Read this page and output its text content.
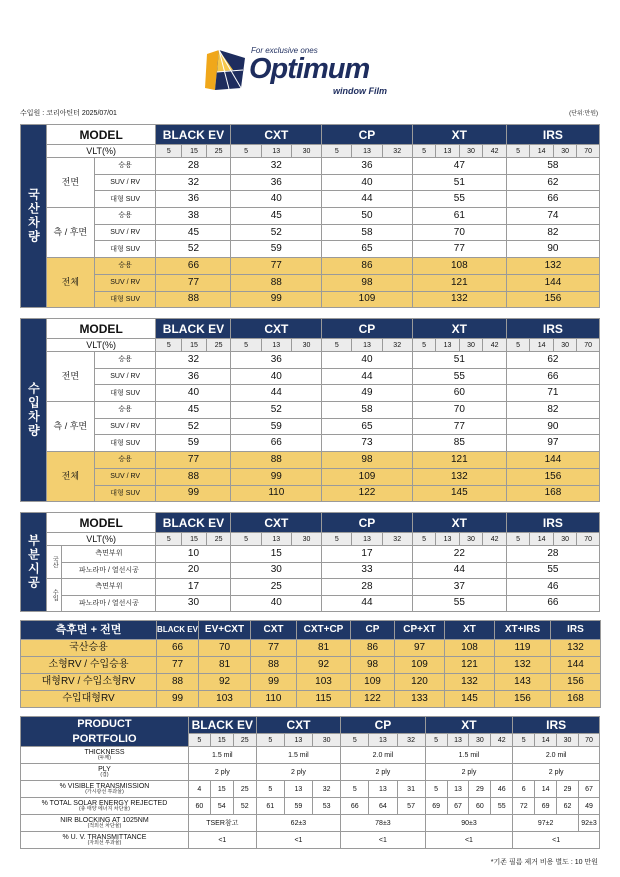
For exclusive ones
Optimum
window Film
수입원 : 코리아틴터 2025/07/01	(단위:만원)
국산차량	MODEL		BLACK EV			CXT			CP			XT				IRS			
	VLT(%)		5	15	25	5	13	30	5	13	32	5	13	30	42	5	14	30	70
	전면	승용	28			32			36			47				58			
		SUV / RV	32			36			40			51				62			
		대형 SUV	36			40			44			55				66			
	측 / 후면	승용	38			45			50			61				74			
		SUV / RV	45			52			58			70				82			
		대형 SUV	52			59			65			77				90			
	전체	승용	66			77			86			108				132			
		SUV / RV	77			88			98			121				144			
		대형 SUV	88			99			109			132				156			
수입차량	MODEL		BLACK EV			CXT			CP			XT				IRS			
	VLT(%)		5	15	25	5	13	30	5	13	32	5	13	30	42	5	14	30	70
	전면	승용	32			36			40			51				62			
		SUV / RV	36			40			44			55				66			
		대형 SUV	40			44			49			60				71			
	측 / 후면	승용	45			52			58			70				82			
		SUV / RV	52			59			65			77				90			
		대형 SUV	59			66			73			85				97			
	전체	승용	77			88			98			121				144			
		SUV / RV	88			99			109			132				156			
		대형 SUV	99			110			122			145				168			
부분시공	MODEL		BLACK EV			CXT			CP			XT				IRS			
	VLT(%)		5	15	25	5	13	30	5	13	32	5	13	30	42	5	14	30	70
	국산	측면부위	10			15			17			22				28			
		파노라마 / 열선시공	20			30			33			44				55			
	수입	측면부위	17			25			28			37				46			
		파노라마 / 열선시공	30			40			44			55				66			
측후면 + 전면	BLACK EV	EV+CXT	CXT	CXT+CP	CP	CP+XT	XT	XT+IRS	IRS
국산승용	66	70	77	81	86	97	108	119	132
소형RV / 수입승용	77	81	88	92	98	109	121	132	144
대형RV / 수입소형RV	88	92	99	103	109	120	132	143	156
수입대형RV	99	103	110	115	122	133	145	156	168
PRODUCT PORTFOLIO	BLACK EV			CXT			CP			XT				IRS			
	5	15	25	5	13	30	5	13	32	5	13	30	42	5	14	30	70

THICKNESS
(두께)	1.5 mil			1.5 mil			2.0 mil			1.5 mil				2.0 mil			

PLY
(겹)	2 ply			2 ply			2 ply			2 ply				2 ply			

% VISIBLE TRANSMISSION
(가시광선 투과율)	4	15	25	5	13	32	5	13	31	5	13	29	46	6	14	29	67

% TOTAL SOLAR ENERGY REJECTED
(총 태양 에너지 차단율)	60	54	52	61	59	53	66	64	57	69	67	60	55	72	69	62	49

NIR BLOCKING AT 1025NM
(적외선 차단율)	TSER참고			62±3			78±3			90±3				97±2			92±3

% U. V. TRANSMITTANCE
(자외선 투과율)	<1			<1			<1			<1				<1			
*기존 필름 제거 비용 별도 : 10 만원
